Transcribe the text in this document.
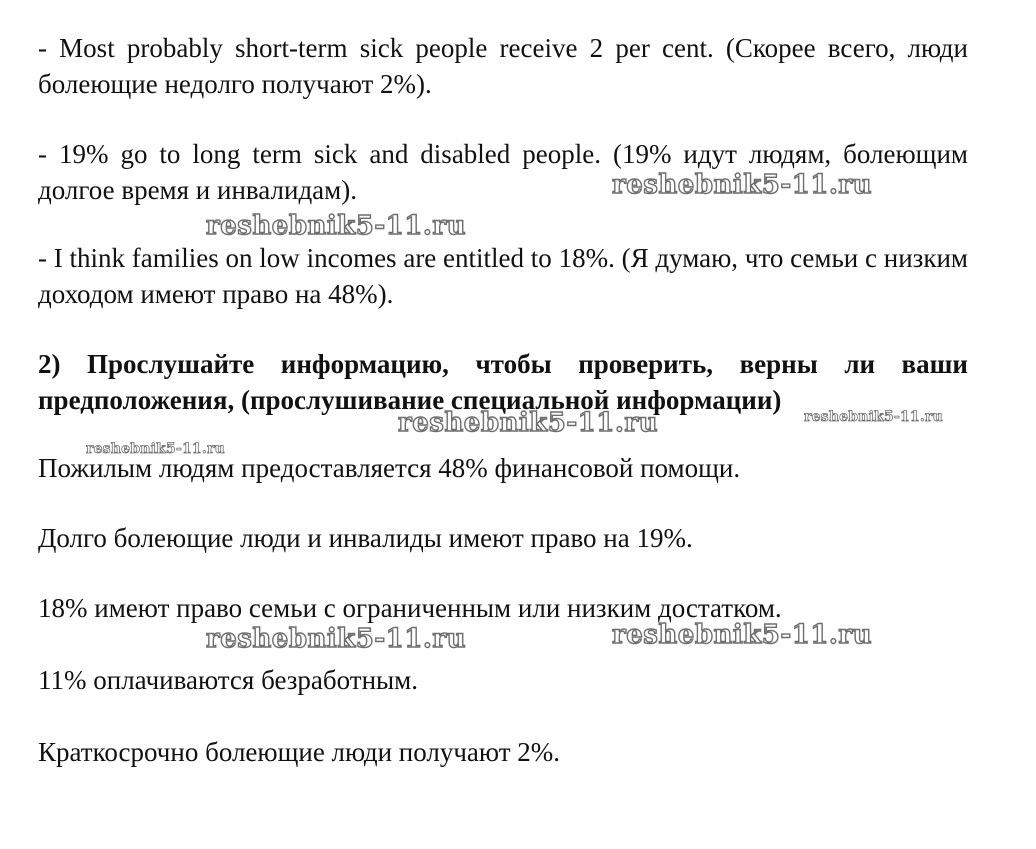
- Most probably short-term sick people receive 2 per cent. (Скорее всего, люди болеющие недолго получают 2%).

- 19% go to long term sick and disabled people. (19% идут людям, болеющим долгое время и инвалидам).

- I think families on low incomes are entitled to 18%. (Я думаю, что семьи с низким доходом имеют право на 48%).

2) Прослушайте информацию, чтобы проверить, верны ли ваши предположения, (прослушивание специальной информации)

Пожилым людям предоставляется 48% финансовой помощи.

Долго болеющие люди и инвалиды имеют право на 19%.

18% имеют право семьи с ограниченным или низким достатком.

11% оплачиваются безработным.

Краткосрочно болеющие люди получают 2%.

reshebnik5-11.ru
reshebnik5-11.ru
reshebnik5-11.ru	reshebnik5-11.ru
reshebnik5-11.ru
reshebnik5-11.ru	reshebnik5-11.ru
